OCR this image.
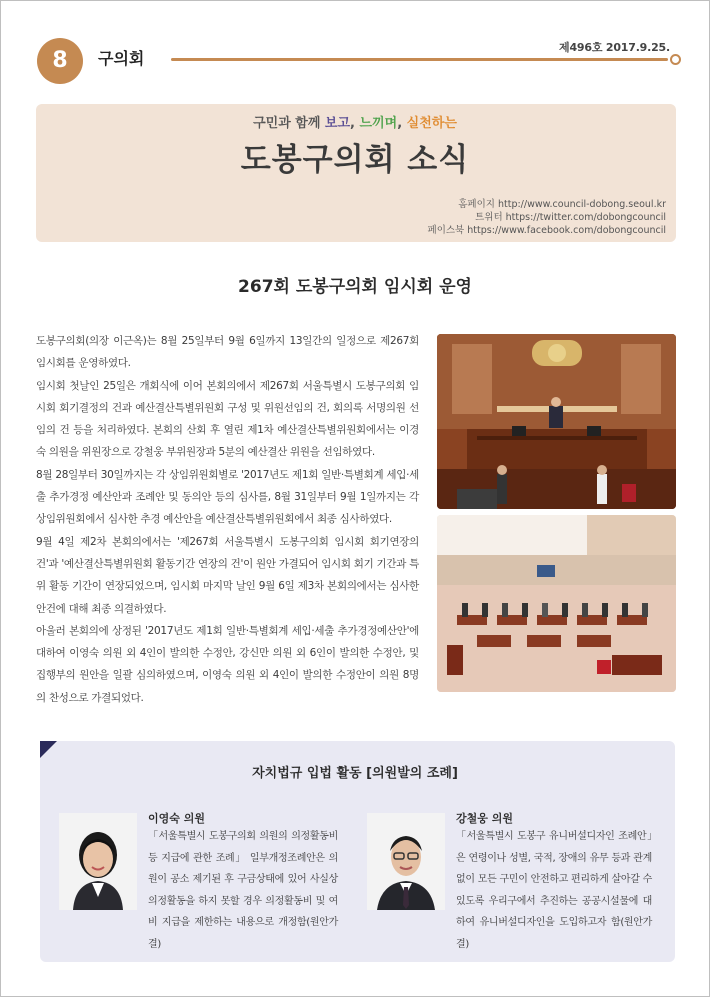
8	구의회
제496호 2017.9.25.
구민과 함께 보고, 느끼며, 실천하는
도봉구의회 소식
홈페이지 http://www.council-dobong.seoul.kr
트위터 https://twitter.com/dobongcouncil
페이스북 https://www.facebook.com/dobongcouncil
267회 도봉구의회 임시회 운영

도봉구의회(의장 이근옥)는 8월 25일부터 9월 6일까지 13일간의 일정으로 제267회 임시회를 운영하였다.

임시회 첫날인 25일은 개회식에 이어 본회의에서 제267회 서울특별시 도봉구의회 임시회 회기결정의 건과 예산결산특별위원회 구성 및 위원선임의 건, 회의록 서명의원 선임의 건 등을 처리하였다. 본회의 산회 후 열린 제1차 예산결산특별위원회에서는 이경숙 의원을 위원장으로 강철웅 부위원장과 5분의 예산결산 위원을 선임하였다.

8월 28일부터 30일까지는 각 상임위원회별로 '2017년도 제1회 일반·특별회계 세입·세출 추가경정 예산안과 조례안 및 동의안 등의 심사를, 8월 31일부터 9월 1일까지는 각 상임위원회에서 심사한 추경 예산안을 예산결산특별위원회에서 최종 심사하였다.

9월 4일 제2차 본회의에서는 '제267회 서울특별시 도봉구의회 임시회 회기연장의 건'과 '예산결산특별위원회 활동기간 연장의 건'이 원안 가결되어 임시회 회기 기간과 특위 활동 기간이 연장되었으며, 임시회 마지막 날인 9월 6일 제3차 본회의에서는 심사한 안건에 대해 최종 의결하였다.

아울러 본회의에 상정된 '2017년도 제1회 일반·특별회계 세입·세출 추가경정예산안'에 대하여 이영숙 의원 외 4인이 발의한 수정안, 강신만 의원 외 6인이 발의한 수정안, 및 집행부의 원안을 일괄 심의하였으며, 이영숙 의원 외 4인이 발의한 수정안이 의원 8명의 찬성으로 가결되었다.

자치법규 입법 활동 [의원발의 조례]
이영숙 의원
「서울특별시 도봉구의회 의원의 의정활동비 등 지급에 관한 조례」 일부개정조례안은 의원이 공소 제기된 후 구금상태에 있어 사실상 의정활동을 하지 못할 경우 의정활동비 및 여비 지급을 제한하는 내용으로 개정함(원안가결)
강철웅 의원
「서울특별시 도봉구 유니버설디자인 조례안」은 연령이나 성별, 국적, 장애의 유무 등과 관계없이 모든 구민이 안전하고 편리하게 살아갈 수 있도록 우리구에서 추진하는 공공시설물에 대하여 유니버설디자인을 도입하고자 함(원안가결)
